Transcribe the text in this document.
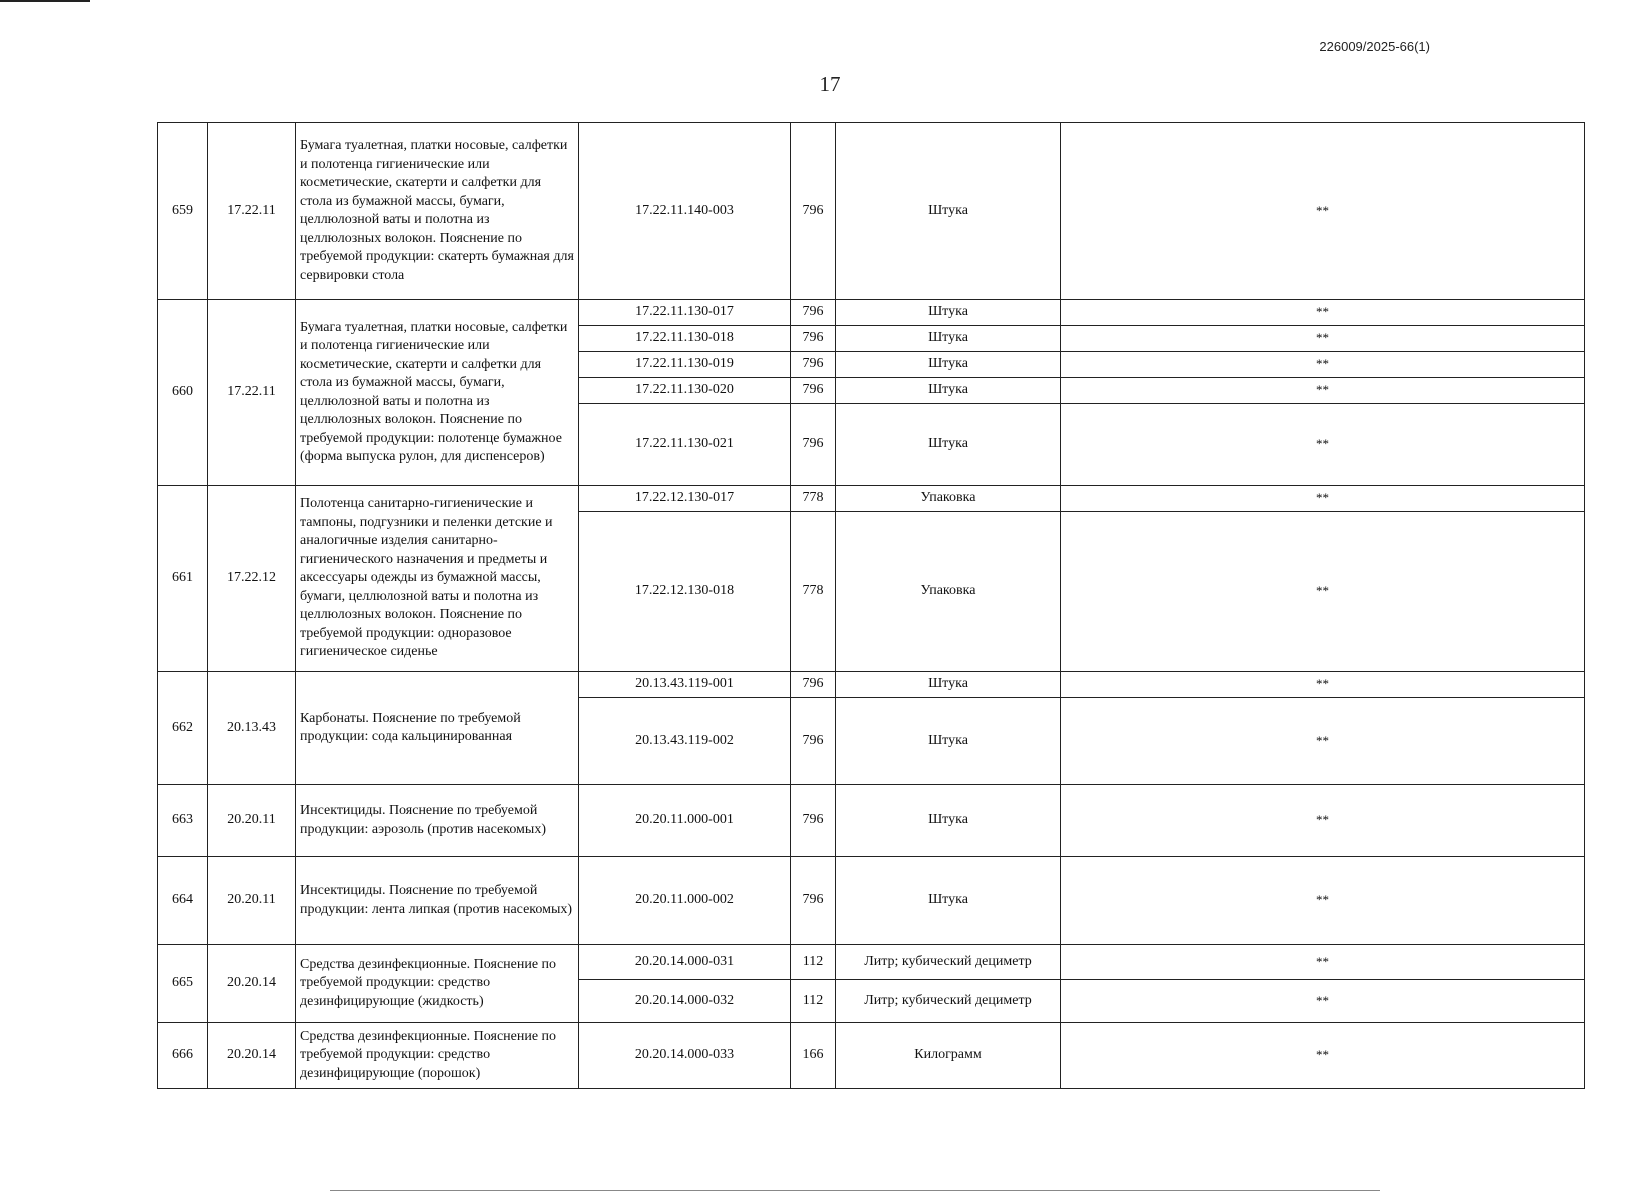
226009/2025-66(1)
17
659	17.22.11	Бумага туалетная, платки носовые, салфетки и полотенца гигиенические или косметические, скатерти и салфетки для стола из бумажной массы, бумаги, целлюлозной ваты и полотна из целлюлозных волокон. Пояснение по требуемой продукции: скатерть бумажная для сервировки стола	17.22.11.140-003	796	Штука	**
660	17.22.11	Бумага туалетная, платки носовые, салфетки и полотенца гигиенические или косметические, скатерти и салфетки для стола из бумажной массы, бумаги, целлюлозной ваты и полотна из целлюлозных волокон. Пояснение по требуемой продукции: полотенце бумажное (форма выпуска рулон, для диспенсеров)	17.22.11.130-017	796	Штука	**
			17.22.11.130-018	796	Штука	**
			17.22.11.130-019	796	Штука	**
			17.22.11.130-020	796	Штука	**
			17.22.11.130-021	796	Штука	**
661	17.22.12	Полотенца санитарно-гигиенические и тампоны, подгузники и пеленки детские и аналогичные изделия санитарно-гигиенического назначения и предметы и аксессуары одежды из бумажной массы, бумаги, целлюлозной ваты и полотна из целлюлозных волокон. Пояснение по требуемой продукции: одноразовое гигиеническое сиденье	17.22.12.130-017	778	Упаковка	**
			17.22.12.130-018	778	Упаковка	**
662	20.13.43	Карбонаты. Пояснение по требуемой продукции: сода кальцинированная	20.13.43.119-001	796	Штука	**
			20.13.43.119-002	796	Штука	**
663	20.20.11	Инсектициды. Пояснение по требуемой продукции: аэрозоль (против насекомых)	20.20.11.000-001	796	Штука	**
664	20.20.11	Инсектициды. Пояснение по требуемой продукции: лента липкая (против насекомых)	20.20.11.000-002	796	Штука	**
665	20.20.14	Средства дезинфекционные. Пояснение по требуемой продукции: средство дезинфицирующие (жидкость)	20.20.14.000-031	112	Литр; кубический дециметр	**
			20.20.14.000-032	112	Литр; кубический дециметр	**
666	20.20.14	Средства дезинфекционные. Пояснение по требуемой продукции: средство дезинфицирующие (порошок)	20.20.14.000-033	166	Килограмм	**
